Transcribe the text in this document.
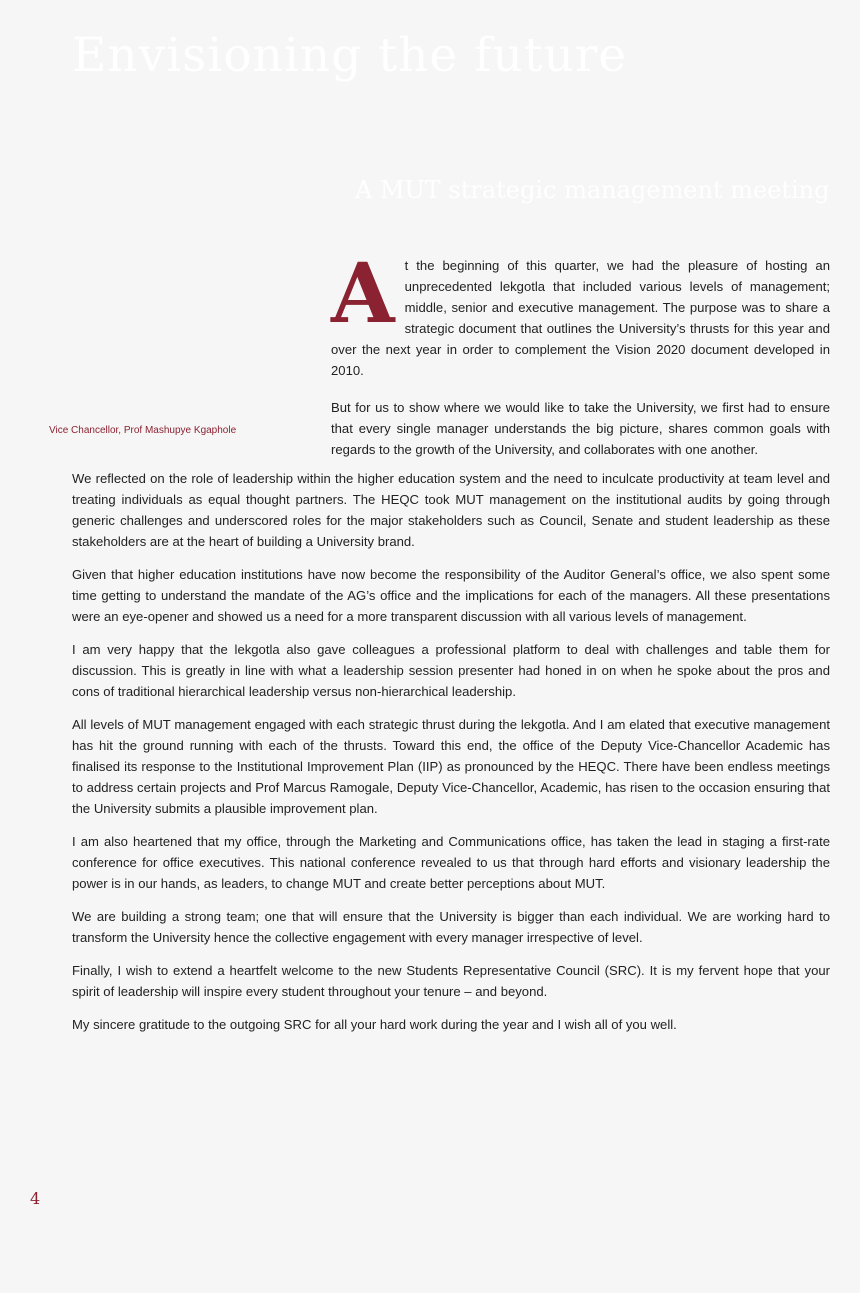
Envisioning the future
A MUT strategic management meeting
Vice Chancellor, Prof Mashupye Kgaphole

At the beginning of this quarter, we had the pleasure of hosting an unprecedented lekgotla that included various levels of management; middle, senior and executive management. The purpose was to share a strategic document that outlines the University’s thrusts for this year and over the next year in order to complement the Vision 2020 document developed in 2010.

But for us to show where we would like to take the University, we first had to ensure that every single manager understands the big picture, shares common goals with regards to the growth of the University, and collaborates with one another.

We reflected on the role of leadership within the higher education system and the need to inculcate productivity at team level and treating individuals as equal thought partners. The HEQC took MUT management on the institutional audits by going through generic challenges and underscored roles for the major stakeholders such as Council, Senate and student leadership as these stakeholders are at the heart of building a University brand.

Given that higher education institutions have now become the responsibility of the Auditor General’s office, we also spent some time getting to understand the mandate of the AG’s office and the implications for each of the managers. All these presentations were an eye-opener and showed us a need for a more transparent discussion with all various levels of management.

I am very happy that the lekgotla also gave colleagues a professional platform to deal with challenges and table them for discussion. This is greatly in line with what a leadership session presenter had honed in on when he spoke about the pros and cons of traditional hierarchical leadership versus non-hierarchical leadership.

All levels of MUT management engaged with each strategic thrust during the lekgotla. And I am elated that executive management has hit the ground running with each of the thrusts. Toward this end, the office of the Deputy Vice-Chancellor Academic has finalised its response to the Institutional Improvement Plan (IIP) as pronounced by the HEQC. There have been endless meetings to address certain projects and Prof Marcus Ramogale, Deputy Vice-Chancellor, Academic, has risen to the occasion ensuring that the University submits a plausible improvement plan.

I am also heartened that my office, through the Marketing and Communications office, has taken the lead in staging a first-rate conference for office executives. This national conference revealed to us that through hard efforts and visionary leadership the power is in our hands, as leaders, to change MUT and create better perceptions about MUT.

We are building a strong team; one that will ensure that the University is bigger than each individual. We are working hard to transform the University hence the collective engagement with every manager irrespective of level.

Finally, I wish to extend a heartfelt welcome to the new Students Representative Council (SRC). It is my fervent hope that your spirit of leadership will inspire every student throughout your tenure – and beyond.

My sincere gratitude to the outgoing SRC for all your hard work during the year and I wish all of you well.

4
